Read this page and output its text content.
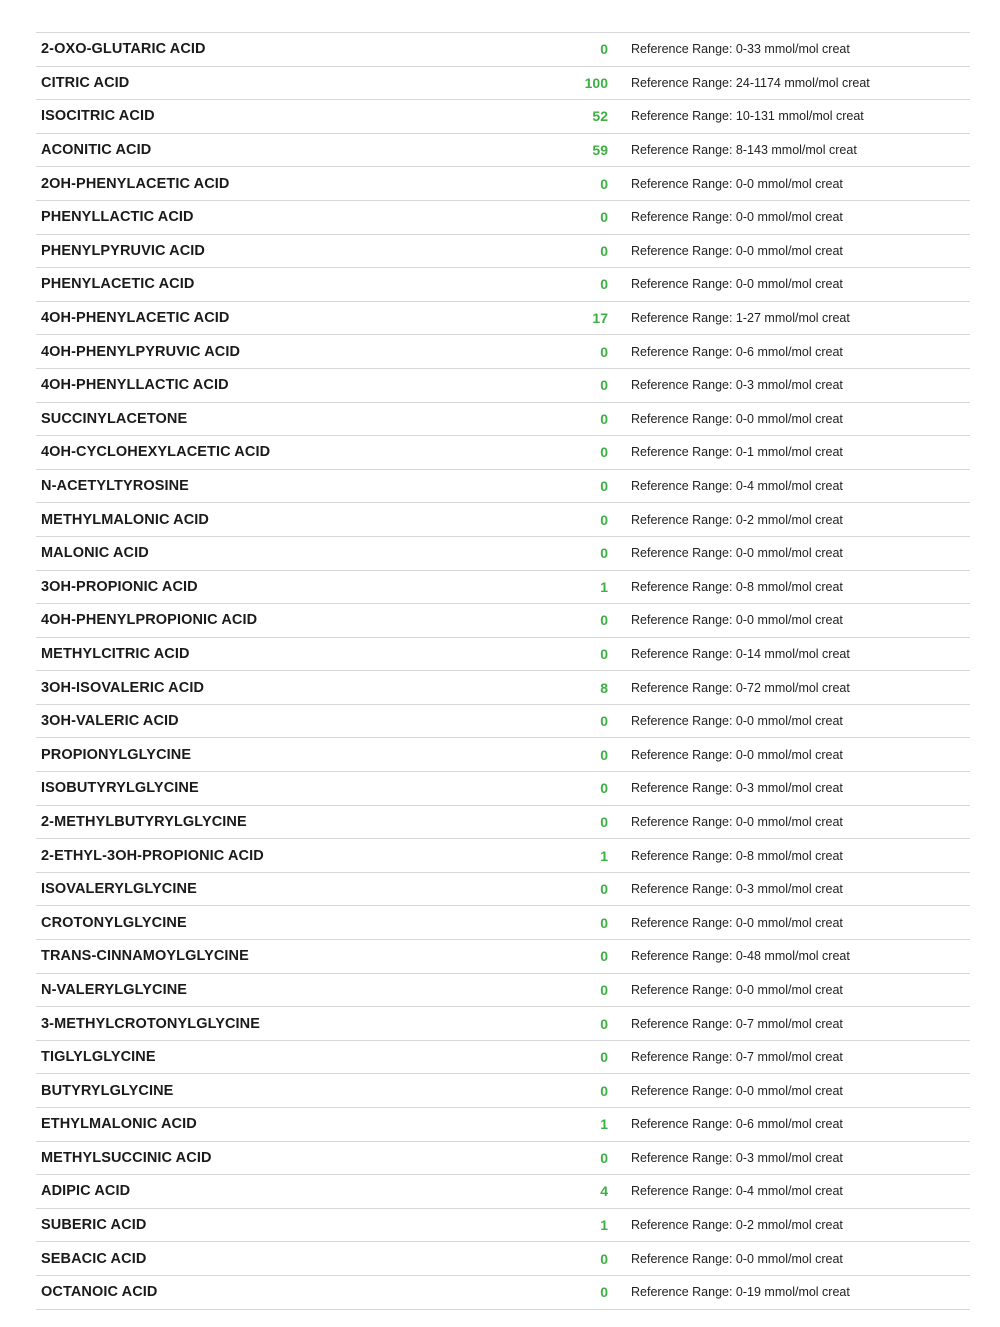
2-OXO-GLUTARIC ACID	0	Reference Range: 0-33 mmol/mol creat
CITRIC ACID	100	Reference Range: 24-1174 mmol/mol creat
ISOCITRIC ACID	52	Reference Range: 10-131 mmol/mol creat
ACONITIC ACID	59	Reference Range: 8-143 mmol/mol creat
2OH-PHENYLACETIC ACID	0	Reference Range: 0-0 mmol/mol creat
PHENYLLACTIC ACID	0	Reference Range: 0-0 mmol/mol creat
PHENYLPYRUVIC ACID	0	Reference Range: 0-0 mmol/mol creat
PHENYLACETIC ACID	0	Reference Range: 0-0 mmol/mol creat
4OH-PHENYLACETIC ACID	17	Reference Range: 1-27 mmol/mol creat
4OH-PHENYLPYRUVIC ACID	0	Reference Range: 0-6 mmol/mol creat
4OH-PHENYLLACTIC ACID	0	Reference Range: 0-3 mmol/mol creat
SUCCINYLACETONE	0	Reference Range: 0-0 mmol/mol creat
4OH-CYCLOHEXYLACETIC ACID	0	Reference Range: 0-1 mmol/mol creat
N-ACETYLTYROSINE	0	Reference Range: 0-4 mmol/mol creat
METHYLMALONIC ACID	0	Reference Range: 0-2 mmol/mol creat
MALONIC ACID	0	Reference Range: 0-0 mmol/mol creat
3OH-PROPIONIC ACID	1	Reference Range: 0-8 mmol/mol creat
4OH-PHENYLPROPIONIC ACID	0	Reference Range: 0-0 mmol/mol creat
METHYLCITRIC ACID	0	Reference Range: 0-14 mmol/mol creat
3OH-ISOVALERIC ACID	8	Reference Range: 0-72 mmol/mol creat
3OH-VALERIC ACID	0	Reference Range: 0-0 mmol/mol creat
PROPIONYLGLYCINE	0	Reference Range: 0-0 mmol/mol creat
ISOBUTYRYLGLYCINE	0	Reference Range: 0-3 mmol/mol creat
2-METHYLBUTYRYLGLYCINE	0	Reference Range: 0-0 mmol/mol creat
2-ETHYL-3OH-PROPIONIC ACID	1	Reference Range: 0-8 mmol/mol creat
ISOVALERYLGLYCINE	0	Reference Range: 0-3 mmol/mol creat
CROTONYLGLYCINE	0	Reference Range: 0-0 mmol/mol creat
TRANS-CINNAMOYLGLYCINE	0	Reference Range: 0-48 mmol/mol creat
N-VALERYLGLYCINE	0	Reference Range: 0-0 mmol/mol creat
3-METHYLCROTONYLGLYCINE	0	Reference Range: 0-7 mmol/mol creat
TIGLYLGLYCINE	0	Reference Range: 0-7 mmol/mol creat
BUTYRYLGLYCINE	0	Reference Range: 0-0 mmol/mol creat
ETHYLMALONIC ACID	1	Reference Range: 0-6 mmol/mol creat
METHYLSUCCINIC ACID	0	Reference Range: 0-3 mmol/mol creat
ADIPIC ACID	4	Reference Range: 0-4 mmol/mol creat
SUBERIC ACID	1	Reference Range: 0-2 mmol/mol creat
SEBACIC ACID	0	Reference Range: 0-0 mmol/mol creat
OCTANOIC ACID	0	Reference Range: 0-19 mmol/mol creat
